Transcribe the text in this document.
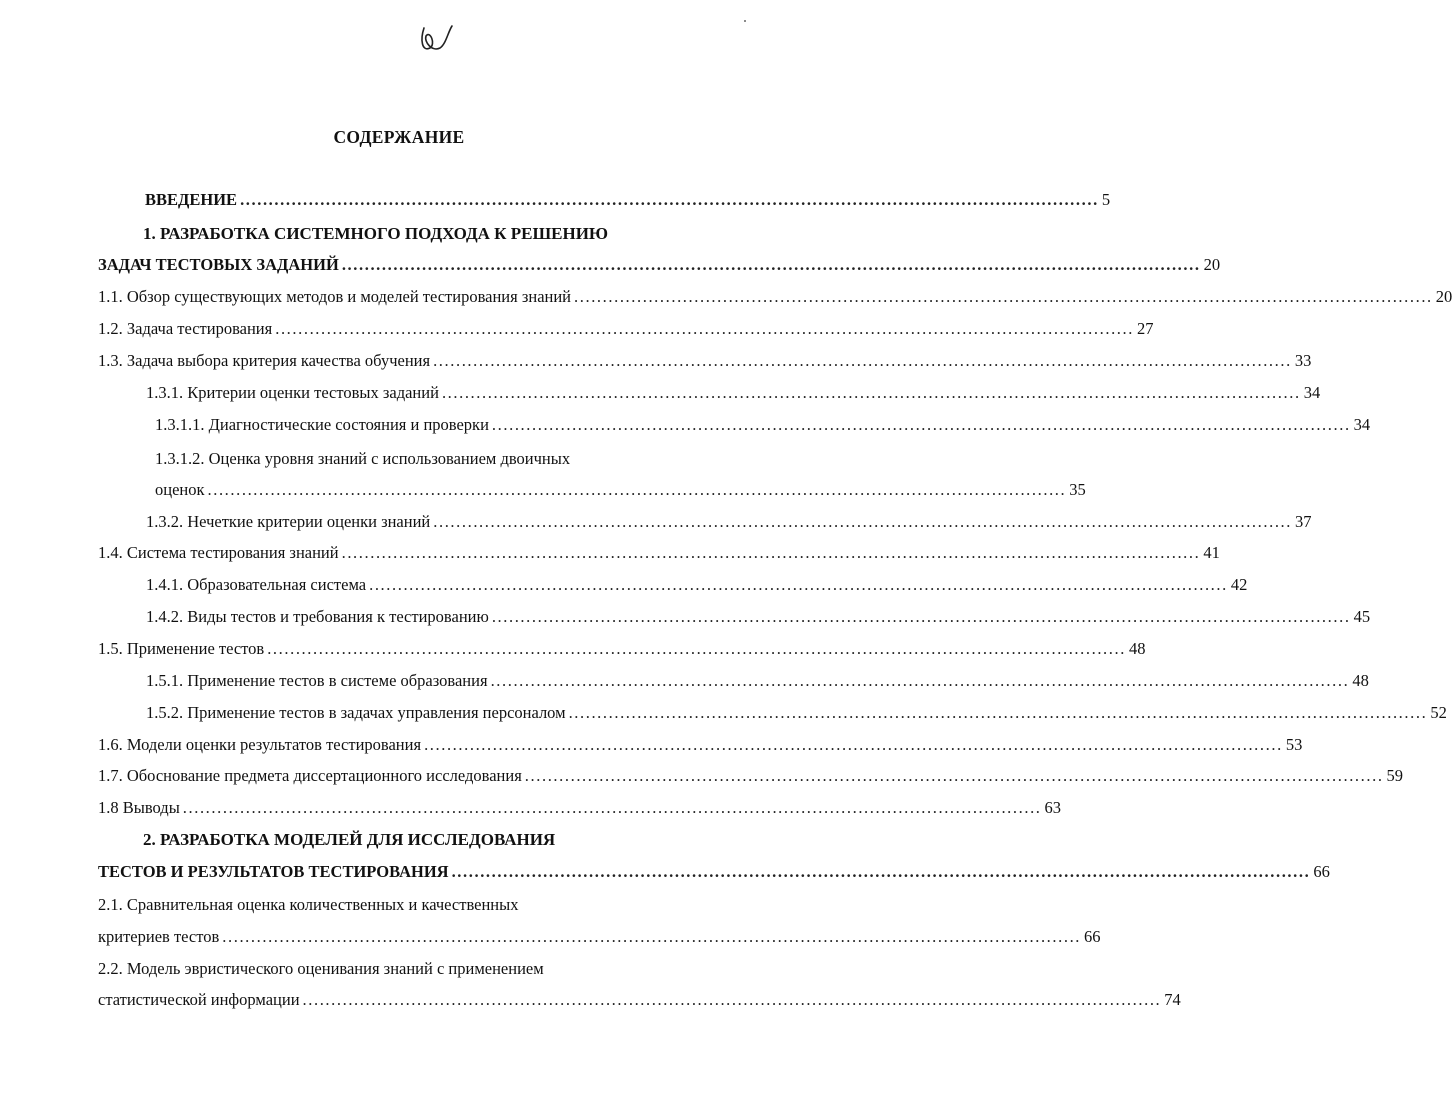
СОДЕРЖАНИЕ
ВВЕДЕНИЕ ...................................................................................................................................................... 5
1. РАЗРАБОТКА СИСТЕМНОГО ПОДХОДА К РЕШЕНИЮ
ЗАДАЧ ТЕСТОВЫХ ЗАДАНИЙ ...................................................................................................................................................... 20
1.1. Обзор существующих методов и моделей тестирования знаний ...................................................................................................................................................... 20
1.2. Задача тестирования ...................................................................................................................................................... 27
1.3. Задача выбора критерия качества обучения ...................................................................................................................................................... 33
1.3.1. Критерии оценки тестовых заданий ...................................................................................................................................................... 34
1.3.1.1. Диагностические состояния и проверки ...................................................................................................................................................... 34
1.3.1.2. Оценка уровня знаний с использованием двоичных
оценок ...................................................................................................................................................... 35
1.3.2. Нечеткие критерии оценки знаний ...................................................................................................................................................... 37
1.4. Система тестирования знаний ...................................................................................................................................................... 41
1.4.1. Образовательная система ...................................................................................................................................................... 42
1.4.2. Виды тестов и требования к тестированию ...................................................................................................................................................... 45
1.5. Применение тестов ...................................................................................................................................................... 48
1.5.1. Применение тестов в системе образования ...................................................................................................................................................... 48
1.5.2. Применение тестов в задачах управления персоналом ...................................................................................................................................................... 52
1.6. Модели оценки результатов тестирования ...................................................................................................................................................... 53
1.7. Обоснование предмета диссертационного исследования ...................................................................................................................................................... 59
1.8 Выводы ...................................................................................................................................................... 63
2. РАЗРАБОТКА МОДЕЛЕЙ ДЛЯ ИССЛЕДОВАНИЯ
ТЕСТОВ И РЕЗУЛЬТАТОВ ТЕСТИРОВАНИЯ ...................................................................................................................................................... 66
2.1. Сравнительная оценка количественных и качественных
критериев тестов ...................................................................................................................................................... 66
2.2. Модель эвристического оценивания знаний с применением
статистической информации ...................................................................................................................................................... 74
